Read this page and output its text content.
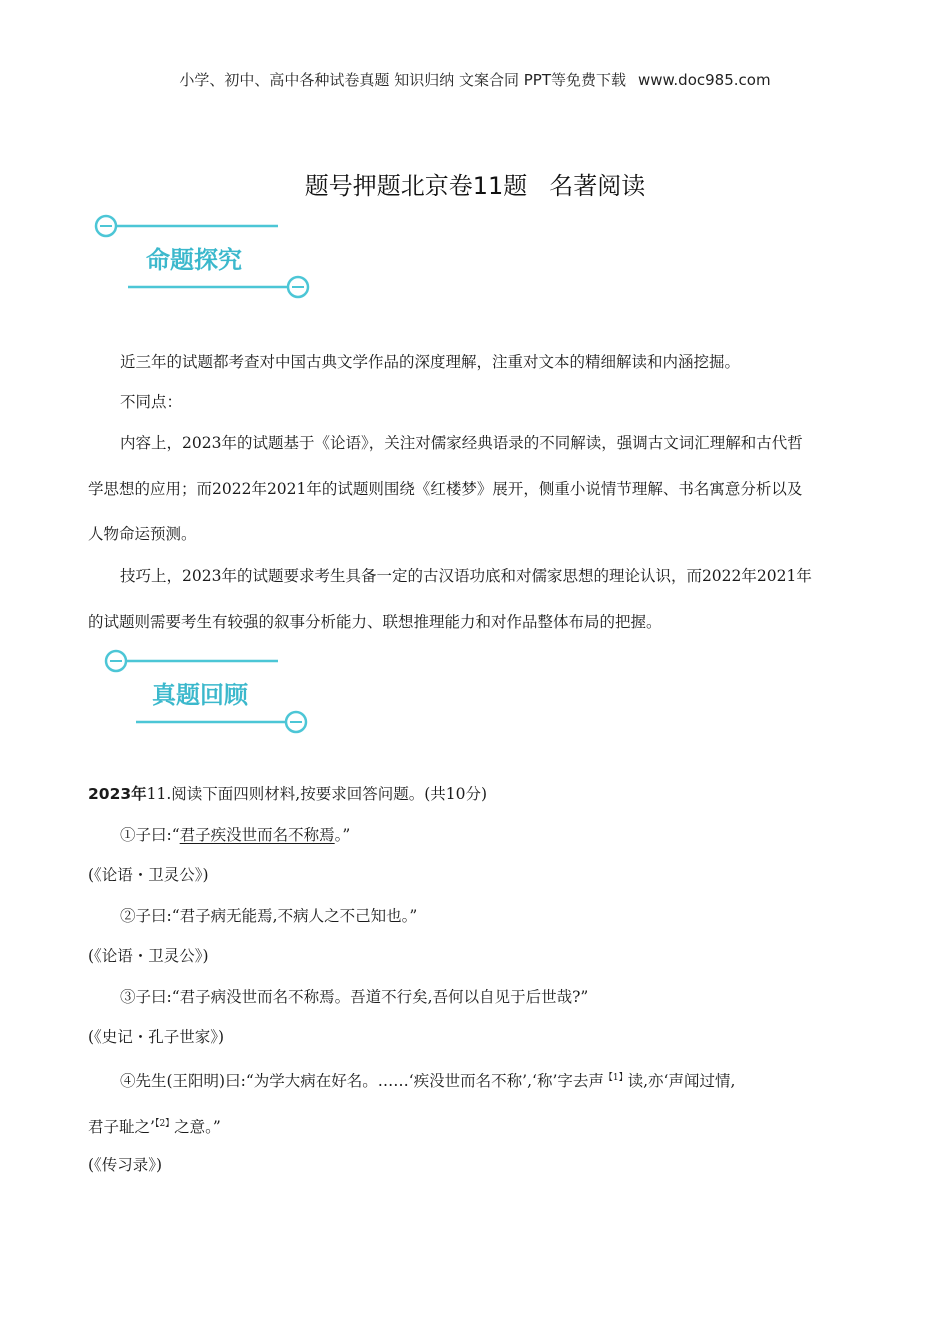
小学、初中、高中各种试卷真题 知识归纳 文案合同 PPT等免费下载 www.doc985.com
题号押题北京卷11题 名著阅读
命题探究
近三年的试题都考查对中国古典文学作品的深度理解，注重对文本的精细解读和内涵挖掘。
不同点：
内容上，2023年的试题基于《论语》，关注对儒家经典语录的不同解读，强调古文词汇理解和古代哲
学思想的应用；而2022年2021年的试题则围绕《红楼梦》展开，侧重小说情节理解、书名寓意分析以及
人物命运预测。
技巧上，2023年的试题要求考生具备一定的古汉语功底和对儒家思想的理论认识，而2022年2021年
的试题则需要考生有较强的叙事分析能力、联想推理能力和对作品整体布局的把握。
真题回顾
2023年11.阅读下面四则材料,按要求回答问题。(共10分)
①子曰:“君子疾没世而名不称焉。”
(《论语・卫灵公》)
②子曰:“君子病无能焉,不病人之不己知也。”
(《论语・卫灵公》)
③子曰:“君子病没世而名不称焉。吾道不行矣,吾何以自见于后世哉?”
(《史记・孔子世家》)
④先生(王阳明)曰:“为学大病在好名。……‘疾没世而名不称’,‘称’字去声$^{【1】}$读,亦‘声闻过情,
君子耻之’$^{【2】}$之意。”
(《传习录》)
